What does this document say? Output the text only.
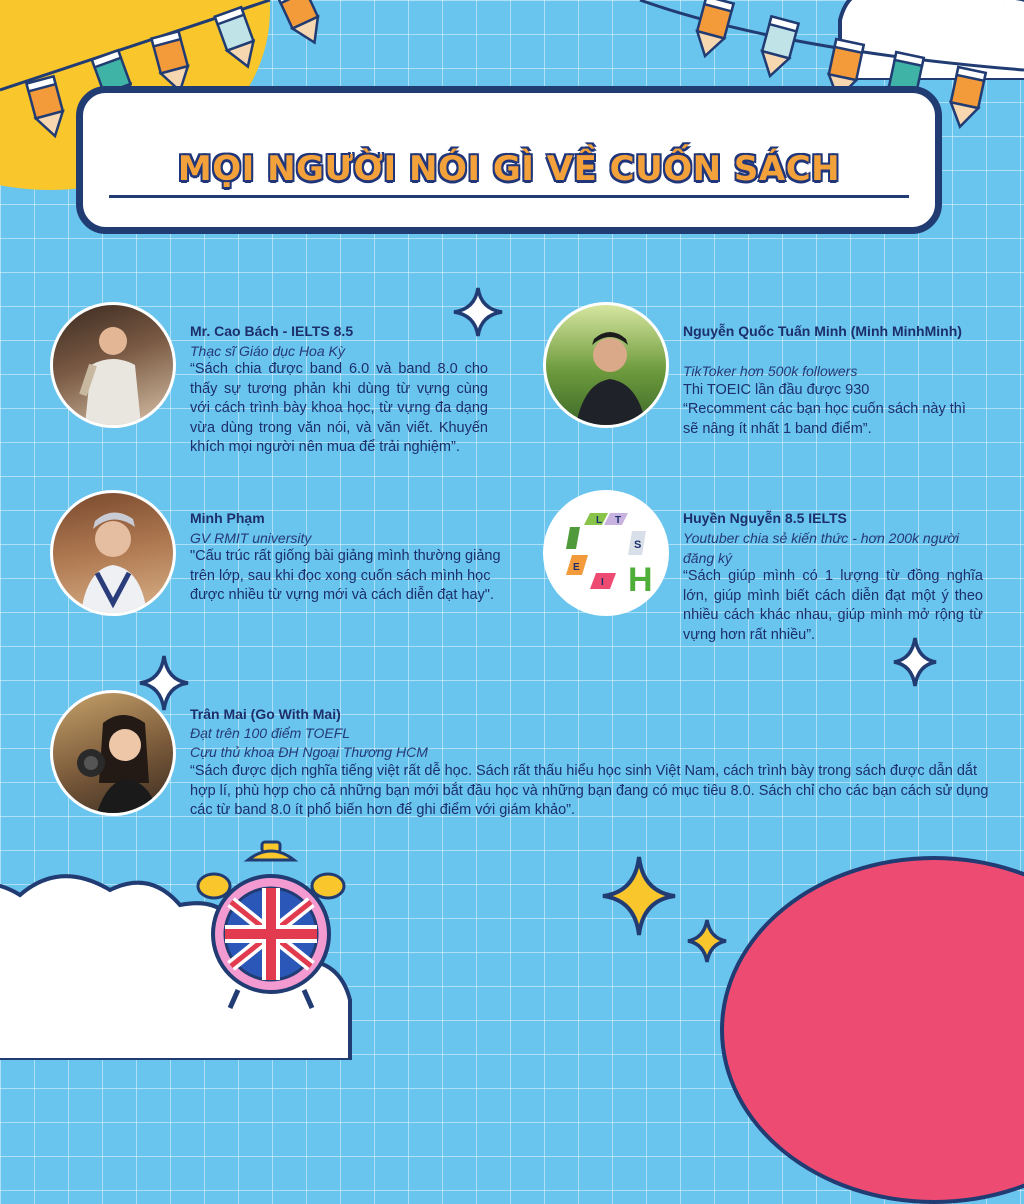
MỌI NGƯỜI NÓI GÌ VỀ CUỐN SÁCH

Mr. Cao Bách - IELTS 8.5

Thạc sĩ Giáo dục Hoa Kỳ

“Sách chia được band 6.0 và band 8.0 cho thấy sự tương phản khi dùng từ vựng cùng với cách trình bày khoa học, từ vựng đa dạng vừa dùng trong văn nói, và văn viết. Khuyến khích mọi người nên mua để trải nghiệm”.

Nguyễn Quốc Tuấn Minh (Minh MinhMinh)

TikToker hơn 500k followers

Thi TOEIC lần đầu được 930

“Recomment các bạn học cuốn sách này thì sẽ nâng ít nhất 1 band điểm”.

Minh Phạm

GV RMIT university

"Cấu trúc rất giống bài giảng mình thường giảng trên lớp, sau khi đọc xong cuốn sách mình học được nhiều từ vựng mới và cách diễn đạt hay".

L T
S
E
I H

Huyền Nguyễn 8.5 IELTS

Youtuber chia sẻ kiến thức - hơn 200k người đăng ký

“Sách giúp mình có 1 lượng từ đồng nghĩa lớn, giúp mình biết cách diễn đạt một ý theo nhiều cách khác nhau, giúp mình mở rộng từ vựng hơn rất nhiều”.

Trân Mai (Go With Mai)

Đạt trên 100 điểm TOEFL

Cựu thủ khoa ĐH Ngoại Thương HCM

“Sách được dịch nghĩa tiếng việt rất dễ học. Sách rất thấu hiểu học sinh Việt Nam, cách trình bày trong sách được dẫn dắt hợp lí, phù hợp cho cả những bạn mới bắt đầu học và những bạn đang có mục tiêu 8.0. Sách chỉ cho các bạn cách sử dụng các từ band 8.0 ít phổ biến hơn để ghi điểm với giám khảo”.
